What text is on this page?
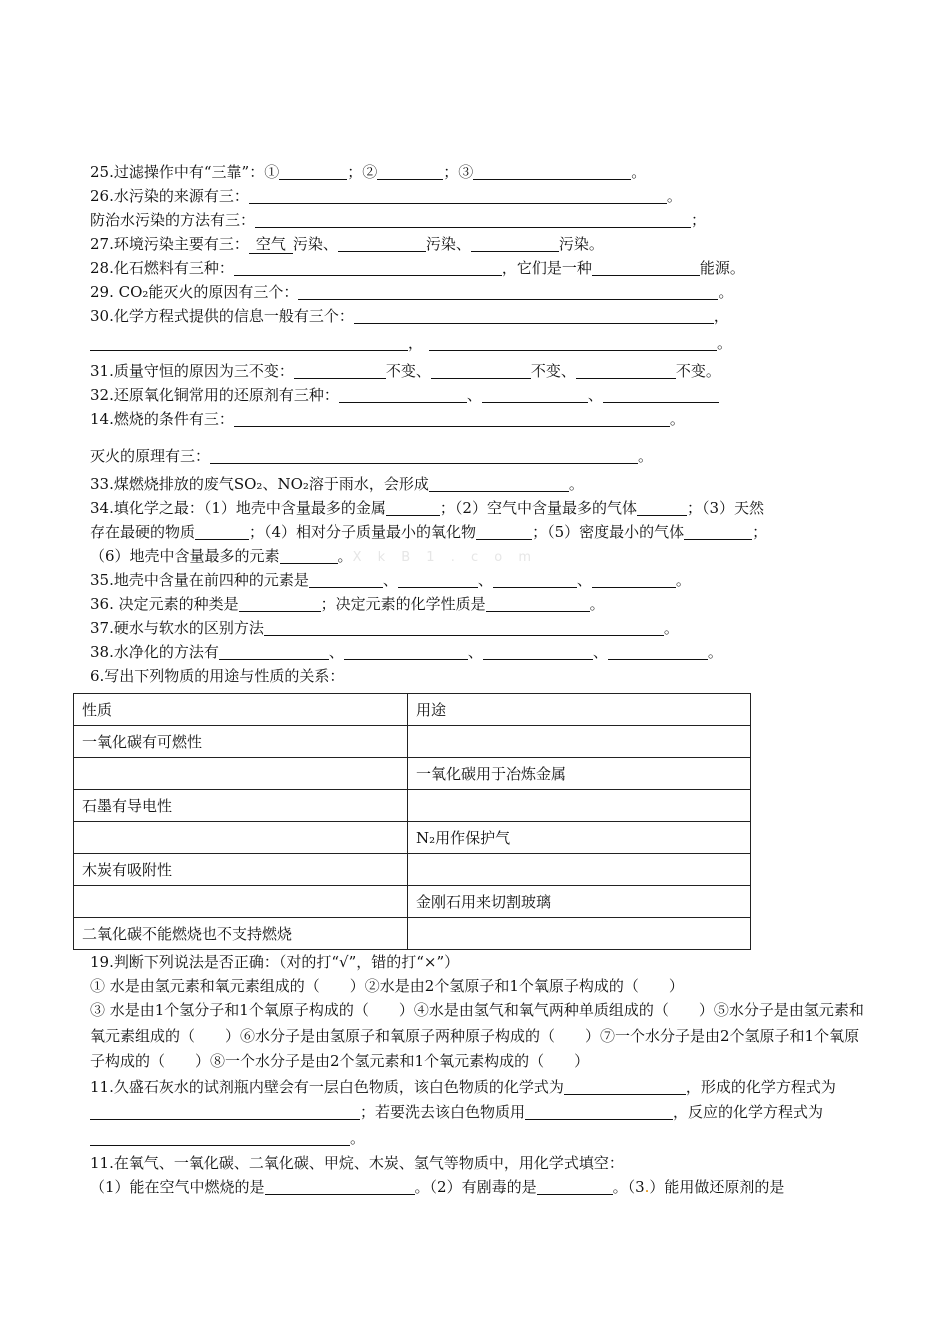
25.过滤操作中有“三靠”：①	；②	；③	。
26.水污染的来源有三：	。
防治水污染的方法有三：	；
27.环境污染主要有三： 空气 污染、	污染、	污染。
28.化石燃料有三种：	，它们是一种	能源。
29. CO₂能灭火的原因有三个：	。
30.化学方程式提供的信息一般有三个：	，
，	。
31.质量守恒的原因为三不变：	不变、	不变、	不变。
32.还原氧化铜常用的还原剂有三种：	、	、
14.燃烧的条件有三：	。
灭火的原理有三：	。
33.煤燃烧排放的废气SO₂、NO₂溶于雨水，会形成	。
34.填化学之最：（1）地壳中含量最多的金属	；（2）空气中含量最多的气体	；（3）天然
存在最硬的物质	；（4）相对分子质量最小的氧化物	；（5）密度最小的气体	；
（6）地壳中含量最多的元素	。X k B 1 . c o m
35.地壳中含量在前四种的元素是	、	、	、	。
36. 决定元素的种类是	；决定元素的化学性质是	。
37.硬水与软水的区别方法	。
38.水净化的方法有	、	、	、	。
6.写出下列物质的用途与性质的关系：
性质	用途
一氧化碳有可燃性	
	一氧化碳用于冶炼金属
石墨有导电性	
	N₂用作保护气
木炭有吸附性	
	金刚石用来切割玻璃
二氧化碳不能燃烧也不支持燃烧	
19.判断下列说法是否正确：（对的打“√”，错的打“×”）
① 水是由氢元素和氧元素组成的（　　）②水是由2个氢原子和1个氧原子构成的（　　）
③ 水是由1个氢分子和1个氧原子构成的（　　）④水是由氢气和氧气两种单质组成的（　　）⑤水分子是由氢元素和氧元素组成的（　　）⑥水分子是由氢原子和氧原子两种原子构成的（　　）⑦一个水分子是由2个氢原子和1个氧原子构成的（　　）⑧一个水分子是由2个氢元素和1个氧元素构成的（　　）
11.久盛石灰水的试剂瓶内壁会有一层白色物质，该白色物质的化学式为	，形成的化学方程式为；若要洗去该白色物质用	，反应的化学方程式为。
11.在氧气、一氧化碳、二氧化碳、甲烷、木炭、氢气等物质中，用化学式填空：
（1）能在空气中燃烧的是	。（2）有剧毒的是	。（3.）能用做还原剂的是
